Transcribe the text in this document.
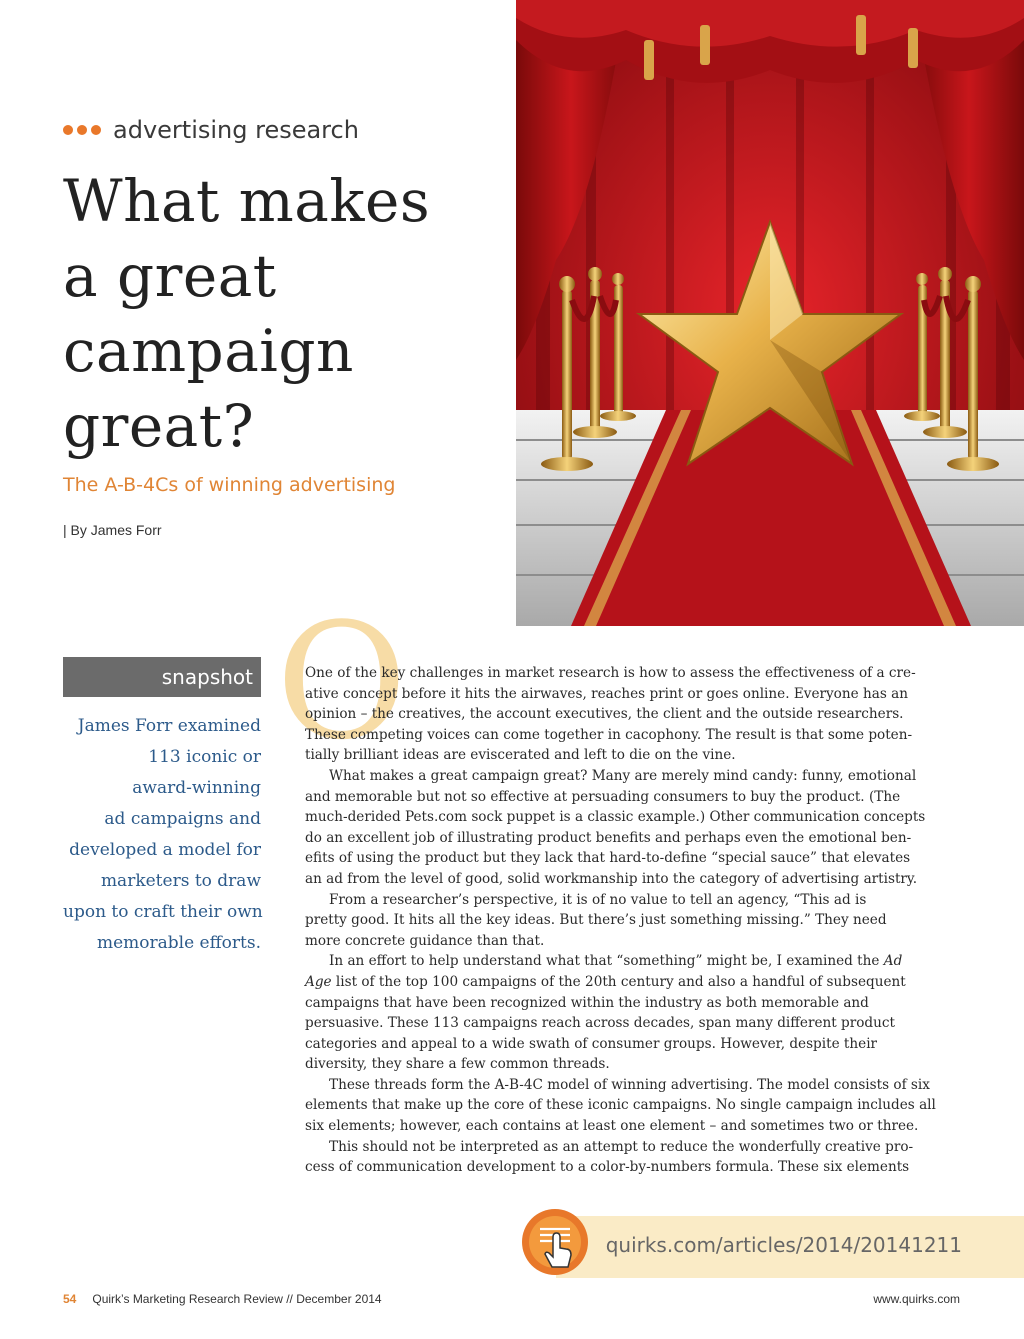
advertising research
What makes
a great
campaign
great?
The A-B-4Cs of winning advertising
| By James Forr
snapshot
James Forr examined
113 iconic or
award-winning
ad campaigns and
developed a model for
marketers to draw
upon to craft their own
memorable efforts.
O
One of the key challenges in market research is how to assess the effectiveness of a cre-
ative concept before it hits the airwaves, reaches print or goes online. Everyone has an
opinion – the creatives, the account executives, the client and the outside researchers.
These competing voices can come together in cacophony. The result is that some poten-
tially brilliant ideas are eviscerated and left to die on the vine.
What makes a great campaign great? Many are merely mind candy: funny, emotional
and memorable but not so effective at persuading consumers to buy the product. (The
much-derided Pets.com sock puppet is a classic example.) Other communication concepts
do an excellent job of illustrating product benefits and perhaps even the emotional ben-
efits of using the product but they lack that hard-to-define “special sauce” that elevates
an ad from the level of good, solid workmanship into the category of advertising artistry.
From a researcher’s perspective, it is of no value to tell an agency, “This ad is
pretty good. It hits all the key ideas. But there’s just something missing.” They need
more concrete guidance than that.
In an effort to help understand what that “something” might be, I examined the Ad
Age list of the top 100 campaigns of the 20th century and also a handful of subsequent
campaigns that have been recognized within the industry as both memorable and
persuasive. These 113 campaigns reach across decades, span many different product
categories and appeal to a wide swath of consumer groups. However, despite their
diversity, they share a few common threads.
These threads form the A-B-4C model of winning advertising. The model consists of six
elements that make up the core of these iconic campaigns. No single campaign includes all
six elements; however, each contains at least one element – and sometimes two or three.
This should not be interpreted as an attempt to reduce the wonderfully creative pro-
cess of communication development to a color-by-numbers formula. These six elements
quirks.com/articles/2014/20141211
54 Quirk’s Marketing Research Review // December 2014	www.quirks.com
